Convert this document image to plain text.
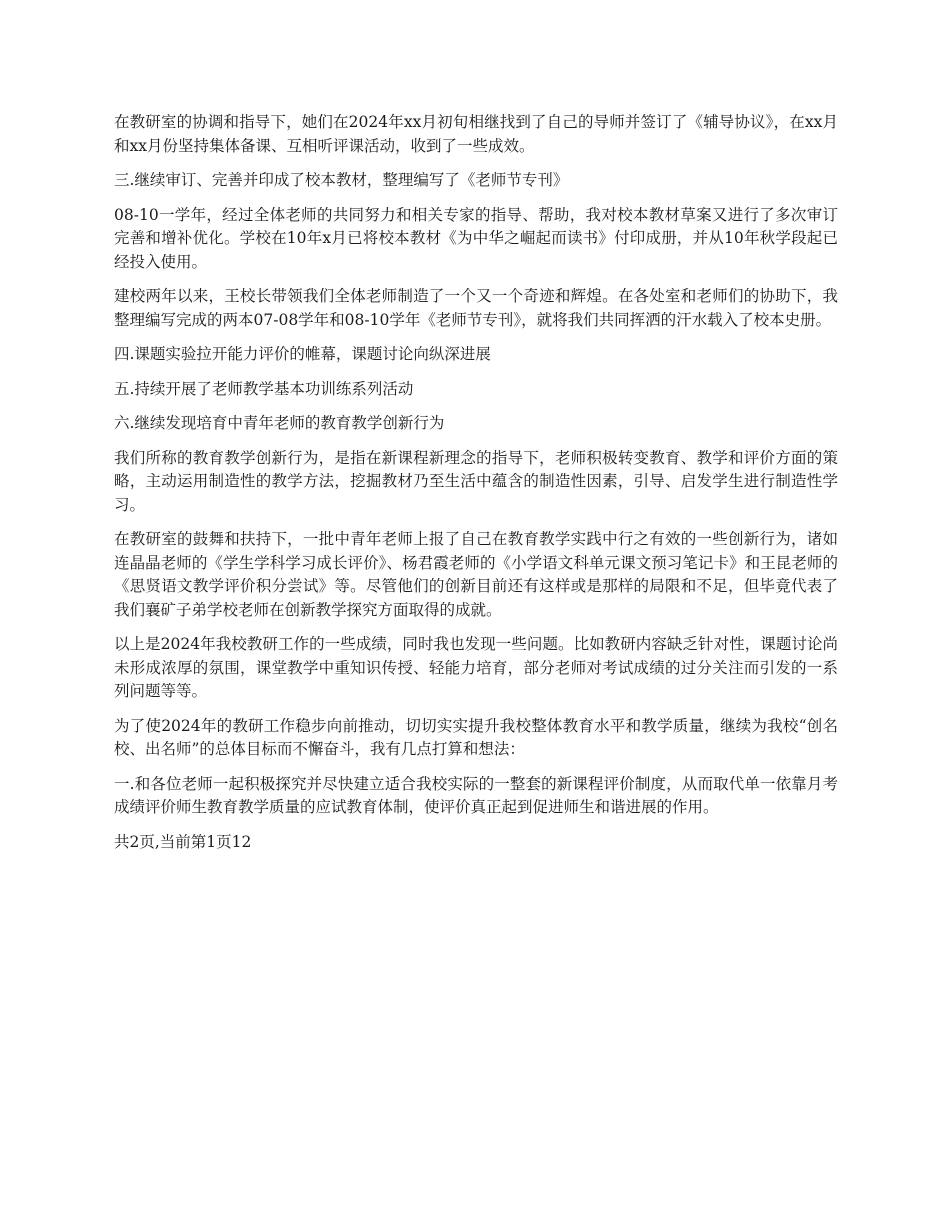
在教研室的协调和指导下，她们在2024年xx月初旬相继找到了自己的导师并签订了《辅导协议》，在xx月和xx月份坚持集体备课、互相听评课活动，收到了一些成效。

三.继续审订、完善并印成了校本教材，整理编写了《老师节专刊》

08-10一学年，经过全体老师的共同努力和相关专家的指导、帮助，我对校本教材草案又进行了多次审订完善和增补优化。学校在10年x月已将校本教材《为中华之崛起而读书》付印成册，并从10年秋学段起已经投入使用。

建校两年以来，王校长带领我们全体老师制造了一个又一个奇迹和辉煌。在各处室和老师们的协助下，我整理编写完成的两本07-08学年和08-10学年《老师节专刊》，就将我们共同挥洒的汗水载入了校本史册。

四.课题实验拉开能力评价的帷幕，课题讨论向纵深进展

五.持续开展了老师教学基本功训练系列活动

六.继续发现培育中青年老师的教育教学创新行为

我们所称的教育教学创新行为，是指在新课程新理念的指导下，老师积极转变教育、教学和评价方面的策略，主动运用制造性的教学方法，挖掘教材乃至生活中蕴含的制造性因素，引导、启发学生进行制造性学习。

在教研室的鼓舞和扶持下，一批中青年老师上报了自己在教育教学实践中行之有效的一些创新行为，诸如连晶晶老师的《学生学科学习成长评价》、杨君霞老师的《小学语文科单元课文预习笔记卡》和王昆老师的《思贤语文教学评价积分尝试》等。尽管他们的创新目前还有这样或是那样的局限和不足，但毕竟代表了我们襄矿子弟学校老师在创新教学探究方面取得的成就。

以上是2024年我校教研工作的一些成绩，同时我也发现一些问题。比如教研内容缺乏针对性，课题讨论尚未形成浓厚的氛围，课堂教学中重知识传授、轻能力培育，部分老师对考试成绩的过分关注而引发的一系列问题等等。

为了使2024年的教研工作稳步向前推动，切切实实提升我校整体教育水平和教学质量，继续为我校“创名校、出名师”的总体目标而不懈奋斗，我有几点打算和想法：

一.和各位老师一起积极探究并尽快建立适合我校实际的一整套的新课程评价制度，从而取代单一依靠月考成绩评价师生教育教学质量的应试教育体制，使评价真正起到促进师生和谐进展的作用。

共2页,当前第1页12
